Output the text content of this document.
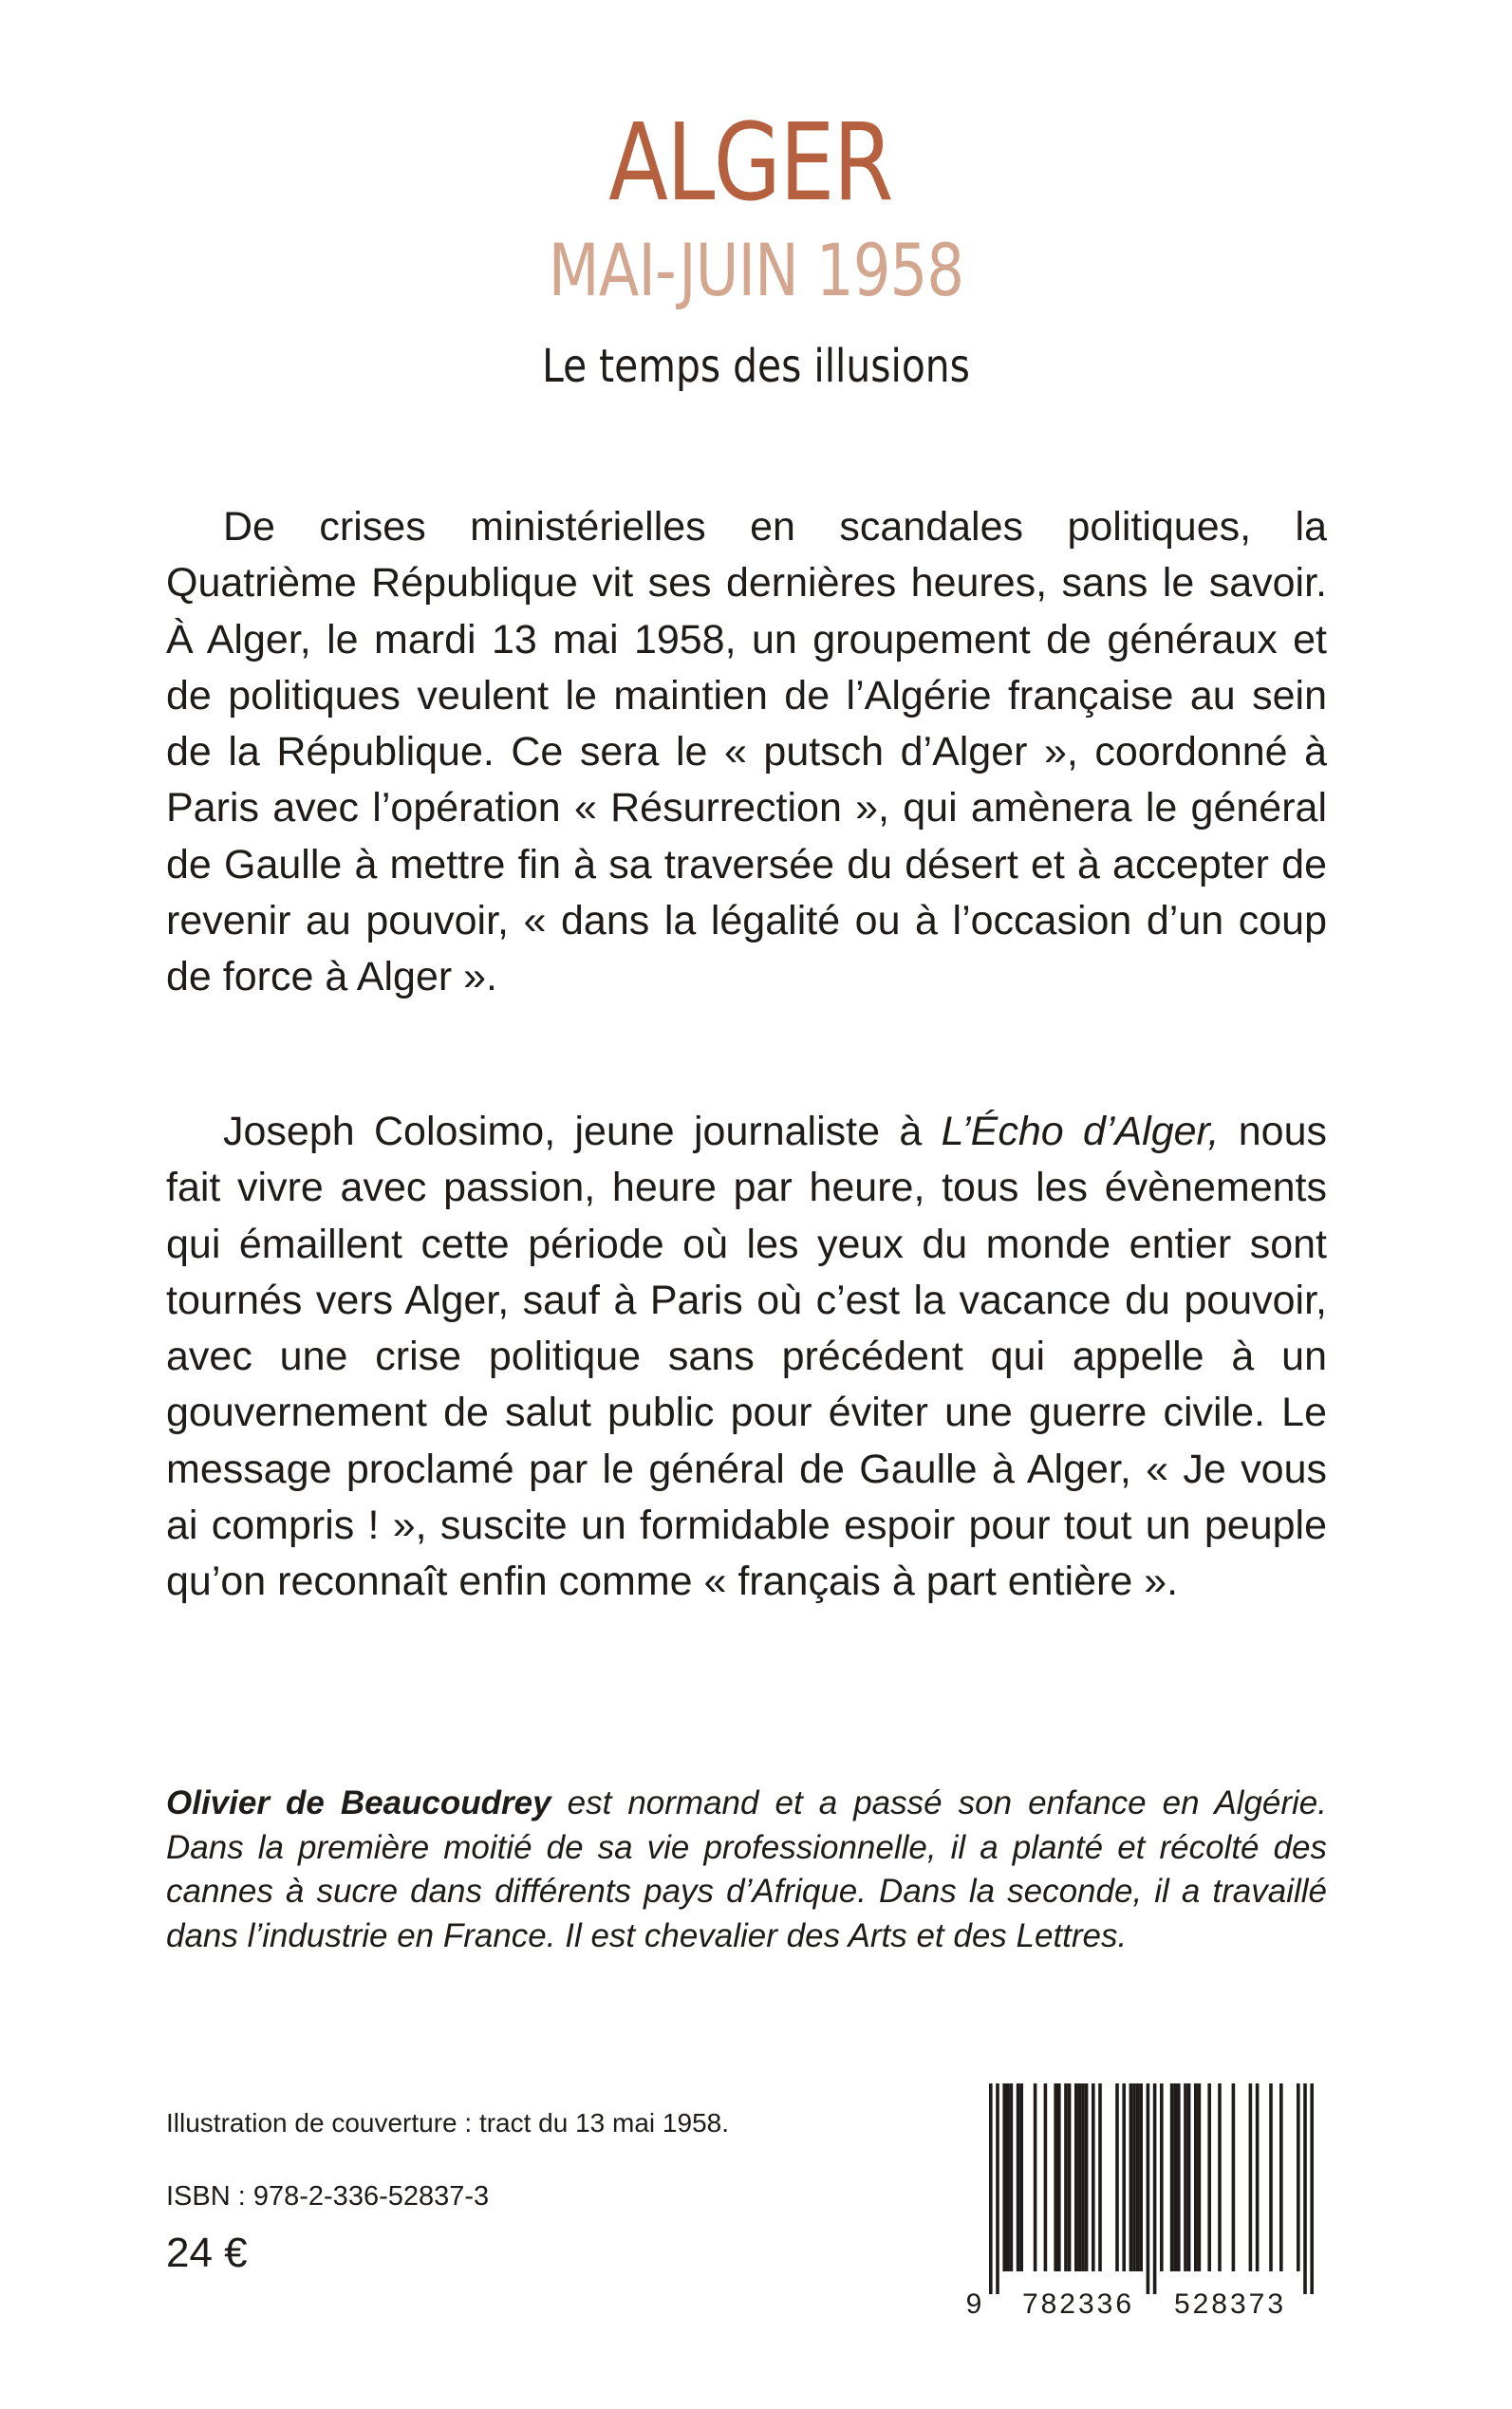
ALGER
MAI-JUIN 1958
Le temps des illusions
De crises ministérielles en scandales politiques, la Quatrième République vit ses dernières heures, sans le savoir. À Alger, le mardi 13 mai 1958, un groupement de généraux et de politiques veulent le maintien de l’Algérie française au sein de la République. Ce sera le « putsch d’Alger », coordonné à Paris avec l’opération « Résurrection », qui amènera le général de Gaulle à mettre fin à sa traversée du désert et à accepter de revenir au pouvoir, « dans la légalité ou à l’occasion d’un coup de force à Alger ».
Joseph Colosimo, jeune journaliste à L’Écho d’Alger, nous fait vivre avec passion, heure par heure, tous les évènements qui émaillent cette période où les yeux du monde entier sont tournés vers Alger, sauf à Paris où c’est la vacance du pouvoir, avec une crise politique sans précédent qui appelle à un gouvernement de salut public pour éviter une guerre civile. Le message proclamé par le général de Gaulle à Alger, « Je vous ai compris ! », suscite un formidable espoir pour tout un peuple qu’on reconnaît enfin comme « français à part entière ».
Olivier de Beaucoudrey est normand et a passé son enfance en Algérie. Dans la première moitié de sa vie professionnelle, il a planté et récolté des cannes à sucre dans différents pays d’Afrique. Dans la seconde, il a travaillé dans l’industrie en France. Il est chevalier des Arts et des Lettres.
Illustration de couverture : tract du 13 mai 1958.
ISBN : 978-2-336-52837-3
24 €
9 782336 528373
